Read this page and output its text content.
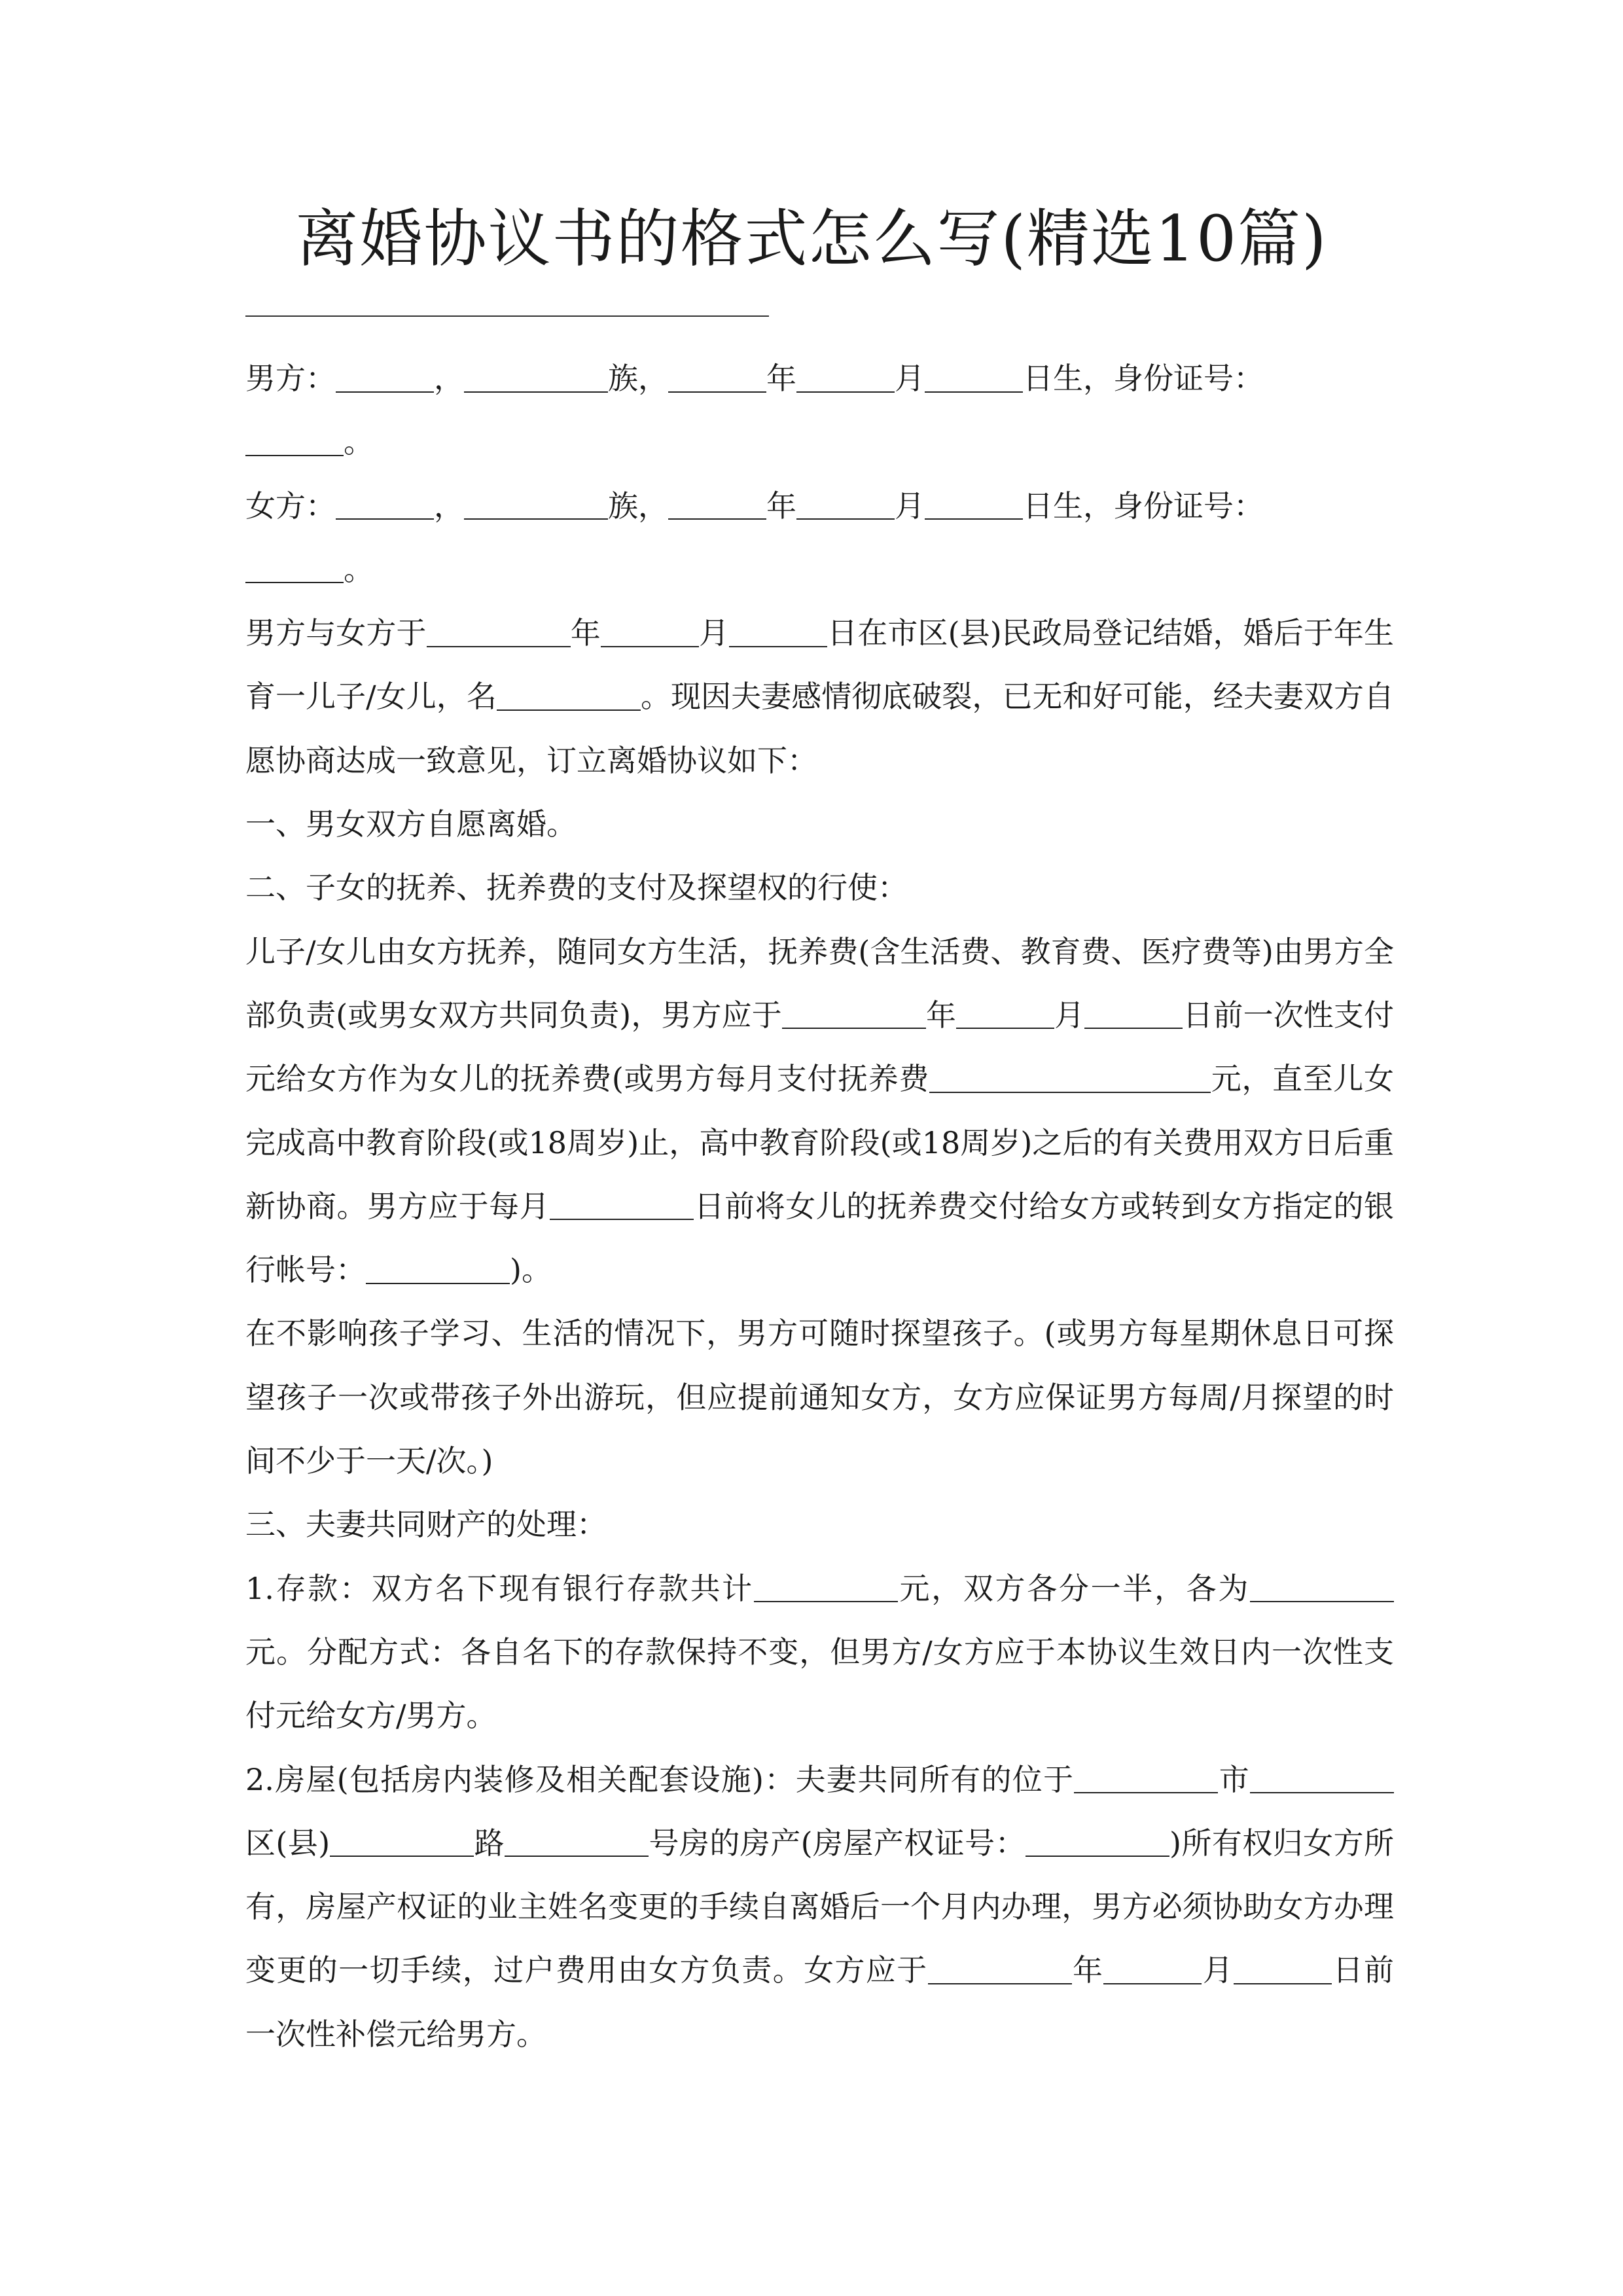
离婚协议书的格式怎么写(精选10篇)

男方：	，	族，	年	月	日生，身份证号：
。

女方：	，	族，	年	月	日生，身份证号：
。

男方与女方于	年	月	日在市区(县)民政局登记结婚，婚后于年生育一儿子/女儿，名	。现因夫妻感情彻底破裂，已无和好可能，经夫妻双方自愿协商达成一致意见，订立离婚协议如下：

一、男女双方自愿离婚。

二、子女的抚养、抚养费的支付及探望权的行使：

儿子/女儿由女方抚养，随同女方生活，抚养费(含生活费、教育费、医疗费等)由男方全部负责(或男女双方共同负责)，男方应于	年	月	日前一次性支付元给女方作为女儿的抚养费(或男方每月支付抚养费	元，直至儿女完成高中教育阶段(或18周岁)止，高中教育阶段(或18周岁)之后的有关费用双方日后重新协商。男方应于每月	日前将女儿的抚养费交付给女方或转到女方指定的银行帐号：	)。

在不影响孩子学习、生活的情况下，男方可随时探望孩子。(或男方每星期休息日可探望孩子一次或带孩子外出游玩，但应提前通知女方，女方应保证男方每周/月探望的时间不少于一天/次。)

三、夫妻共同财产的处理：

1.存款：双方名下现有银行存款共计	元，双方各分一半，各为元。分配方式：各自名下的存款保持不变，但男方/女方应于本协议生效日内一次性支付元给女方/男方。

2.房屋(包括房内装修及相关配套设施)：夫妻共同所有的位于	市区(县)	路	号房的房产(房屋产权证号：	)所有权归女方所有，房屋产权证的业主姓名变更的手续自离婚后一个月内办理，男方必须协助女方办理变更的一切手续，过户费用由女方负责。女方应于	年	月	日前一次性补偿元给男方。
